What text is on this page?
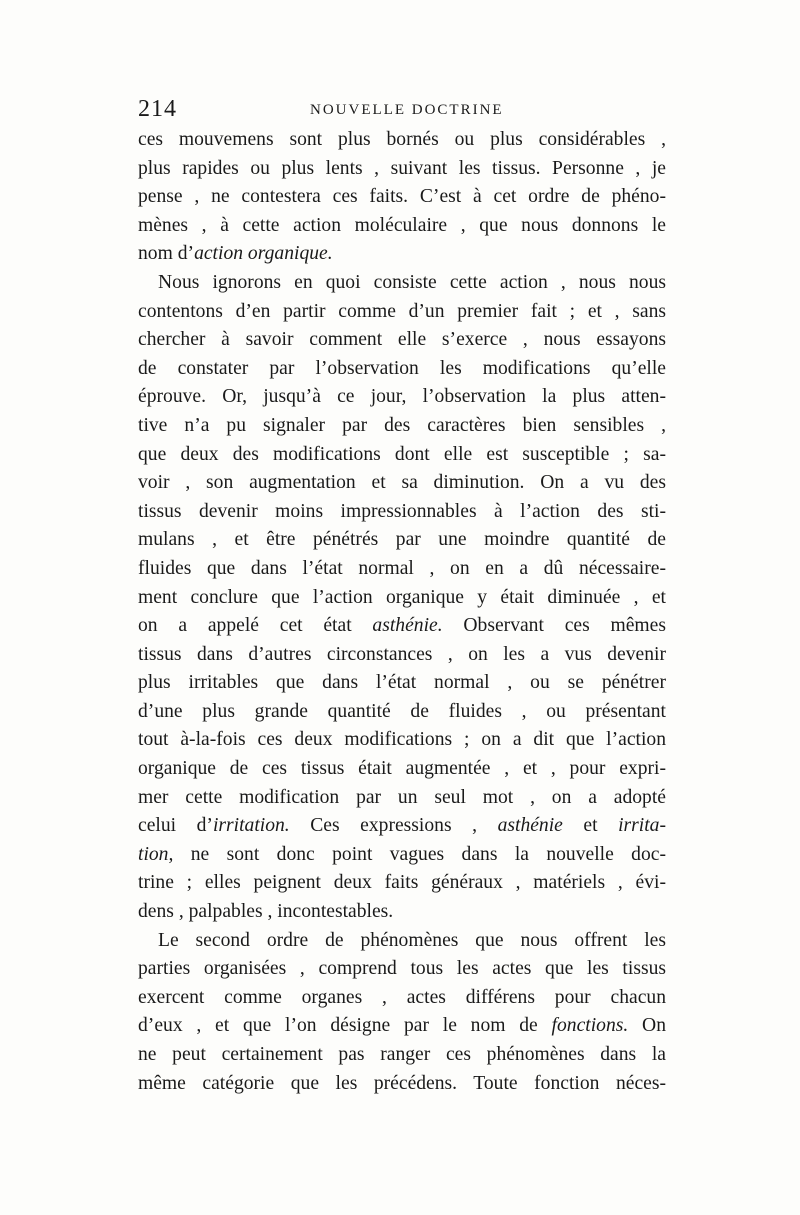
214	NOUVELLE DOCTRINE
ces mouvemens sont plus bornés ou plus considérables ,
plus rapides ou plus lents , suivant les tissus. Personne , je
pense , ne contestera ces faits. C’est à cet ordre de phéno-
mènes , à cette action moléculaire , que nous donnons le
nom d’action organique.
Nous ignorons en quoi consiste cette action , nous nous
contentons d’en partir comme d’un premier fait ; et , sans
chercher à savoir comment elle s’exerce , nous essayons
de constater par l’observation les modifications qu’elle
éprouve. Or, jusqu’à ce jour, l’observation la plus atten-
tive n’a pu signaler par des caractères bien sensibles ,
que deux des modifications dont elle est susceptible ; sa-
voir , son augmentation et sa diminution. On a vu des
tissus devenir moins impressionnables à l’action des sti-
mulans , et être pénétrés par une moindre quantité de
fluides que dans l’état normal , on en a dû nécessaire-
ment conclure que l’action organique y était diminuée , et
on a appelé cet état asthénie. Observant ces mêmes
tissus dans d’autres circonstances , on les a vus devenir
plus irritables que dans l’état normal , ou se pénétrer
d’une plus grande quantité de fluides , ou présentant
tout à-la-fois ces deux modifications ; on a dit que l’action
organique de ces tissus était augmentée , et , pour expri-
mer cette modification par un seul mot , on a adopté
celui d’irritation. Ces expressions , asthénie et irrita-
tion, ne sont donc point vagues dans la nouvelle doc-
trine ; elles peignent deux faits généraux , matériels , évi-
dens , palpables , incontestables.
Le second ordre de phénomènes que nous offrent les
parties organisées , comprend tous les actes que les tissus
exercent comme organes , actes différens pour chacun
d’eux , et que l’on désigne par le nom de fonctions. On
ne peut certainement pas ranger ces phénomènes dans la
même catégorie que les précédens. Toute fonction néces-
